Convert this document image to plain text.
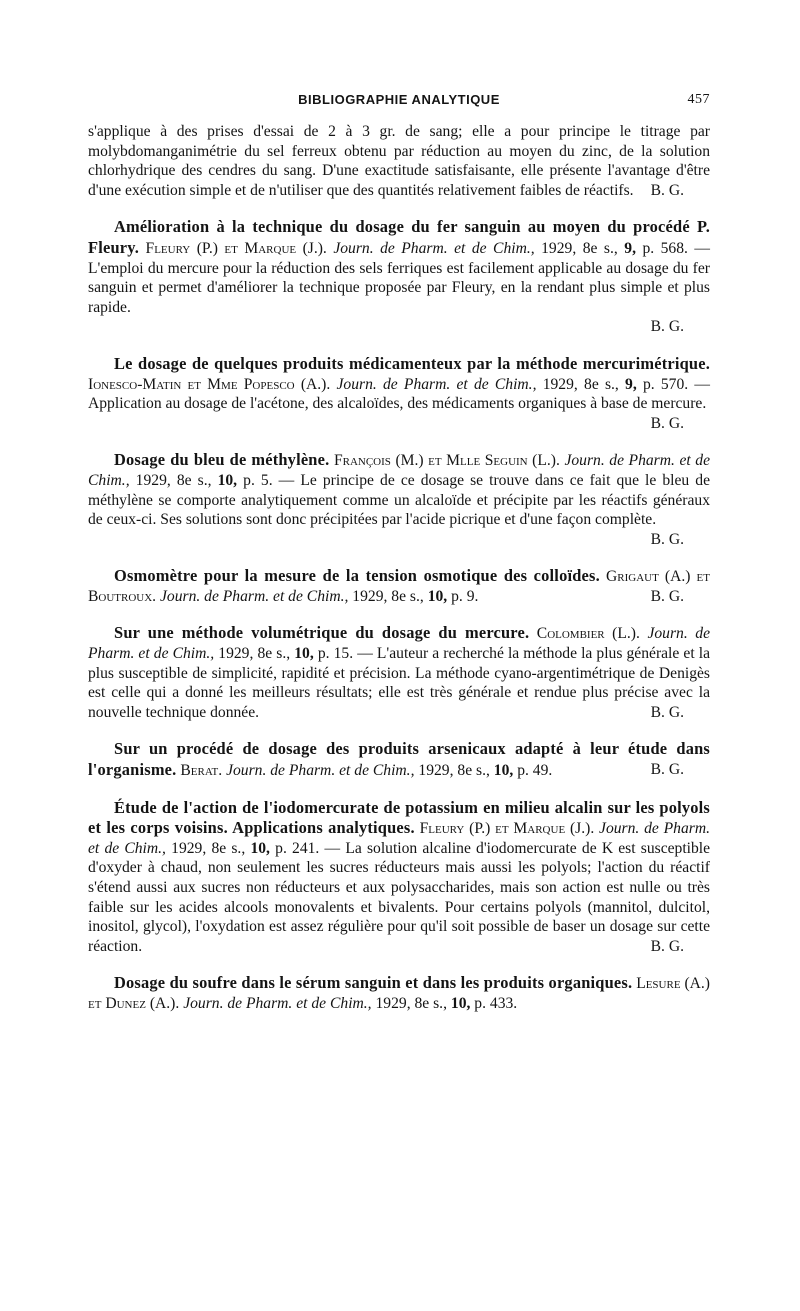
BIBLIOGRAPHIE ANALYTIQUE	457
s'applique à des prises d'essai de 2 à 3 gr. de sang; elle a pour principe le titrage par molybdomanganimétrie du sel ferreux obtenu par réduction au moyen du zinc, de la solution chlorhydrique des cendres du sang. D'une exactitude satisfaisante, elle présente l'avantage d'être d'une exécution simple et de n'utiliser que des quantités relativement faibles de réactifs. B. G.
Amélioration à la technique du dosage du fer sanguin au moyen du procédé P. Fleury. Fleury (P.) et Marque (J.). Journ. de Pharm. et de Chim., 1929, 8e s., 9, p. 568. — L'emploi du mercure pour la réduction des sels ferriques est facilement applicable au dosage du fer sanguin et permet d'améliorer la technique proposée par Fleury, en la rendant plus simple et plus rapide.
B. G.
Le dosage de quelques produits médicamenteux par la méthode mercurimétrique. Ionesco-Matin et Mme Popesco (A.). Journ. de Pharm. et de Chim., 1929, 8e s., 9, p. 570. — Application au dosage de l'acétone, des alcaloïdes, des médicaments organiques à base de mercure.
B. G.
Dosage du bleu de méthylène. François (M.) et Mlle Seguin (L.). Journ. de Pharm. et de Chim., 1929, 8e s., 10, p. 5. — Le principe de ce dosage se trouve dans ce fait que le bleu de méthylène se comporte analytiquement comme un alcaloïde et précipite par les réactifs généraux de ceux-ci. Ses solutions sont donc précipitées par l'acide picrique et d'une façon complète.
B. G.
Osmomètre pour la mesure de la tension osmotique des colloïdes. Grigaut (A.) et Boutroux. Journ. de Pharm. et de Chim., 1929, 8e s., 10, p. 9.	B. G.
Sur une méthode volumétrique du dosage du mercure. Colombier (L.). Journ. de Pharm. et de Chim., 1929, 8e s., 10, p. 15. — L'auteur a recherché la méthode la plus générale et la plus susceptible de simplicité, rapidité et précision. La méthode cyano-argentimétrique de Denigès est celle qui a donné les meilleurs résultats; elle est très générale et rendue plus précise avec la nouvelle technique donnée.	B. G.
Sur un procédé de dosage des produits arsenicaux adapté à leur étude dans l'organisme. Berat. Journ. de Pharm. et de Chim., 1929, 8e s., 10, p. 49.	B. G.
Étude de l'action de l'iodomercurate de potassium en milieu alcalin sur les polyols et les corps voisins. Applications analytiques. Fleury (P.) et Marque (J.). Journ. de Pharm. et de Chim., 1929, 8e s., 10, p. 241. — La solution alcaline d'iodomercurate de K est susceptible d'oxyder à chaud, non seulement les sucres réducteurs mais aussi les polyols; l'action du réactif s'étend aussi aux sucres non réducteurs et aux polysaccharides, mais son action est nulle ou très faible sur les acides alcools monovalents et bivalents. Pour certains polyols (mannitol, dulcitol, inositol, glycol), l'oxydation est assez régulière pour qu'il soit possible de baser un dosage sur cette réaction.	B. G.
Dosage du soufre dans le sérum sanguin et dans les produits organiques. Lesure (A.) et Dunez (A.). Journ. de Pharm. et de Chim., 1929, 8e s., 10, p. 433.
